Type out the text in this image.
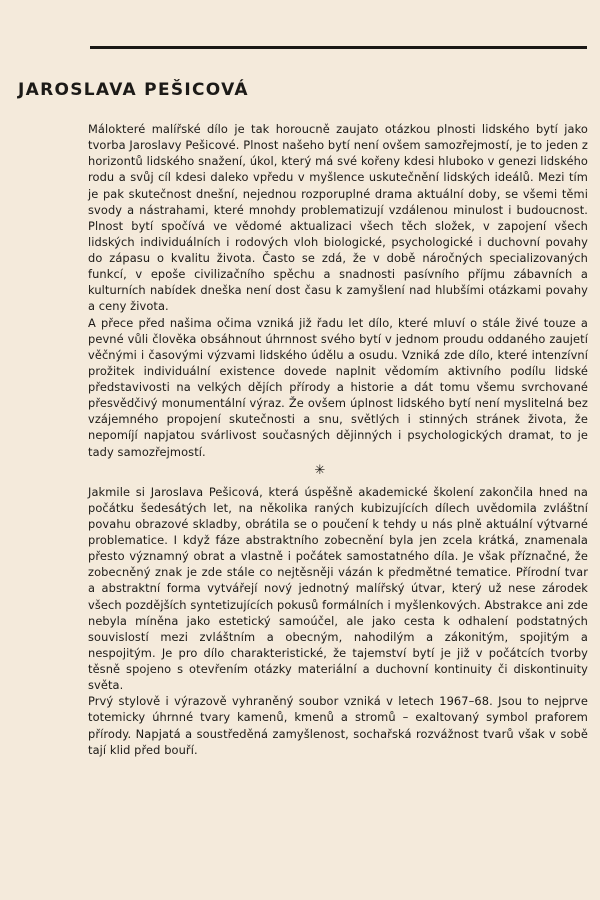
JAROSLAVA PEŠICOVÁ

Málokteré malířské dílo je tak horoucně zaujato otázkou plnosti lidského bytí jako tvorba Jaroslavy Pešicové. Plnost našeho bytí není ovšem samozřejmostí, je to jeden z horizontů lidského snažení, úkol, který má své kořeny kdesi hluboko v genezi lidského rodu a svůj cíl kdesi daleko vpředu v myšlence uskutečnění lidských ideálů. Mezi tím je pak skutečnost dnešní, nejednou rozporuplné drama aktuální doby, se všemi těmi svody a nástrahami, které mnohdy problematizují vzdálenou minulost i budoucnost. Plnost bytí spočívá ve vědomé aktualizaci všech těch složek, v zapojení všech lidských individuálních i rodových vloh biologické, psychologické i duchovní povahy do zápasu o kvalitu života. Často se zdá, že v době náročných specializovaných funkcí, v epoše civilizačního spěchu a snadnosti pasívního příjmu zábavních a kulturních nabídek dneška není dost času k zamyšlení nad hlubšími otázkami povahy a ceny života.

A přece před našima očima vzniká již řadu let dílo, které mluví o stále živé touze a pevné vůli člověka obsáhnout úhrnnost svého bytí v jednom proudu oddaného zaujetí věčnými i časovými výzvami lidského údělu a osudu. Vzniká zde dílo, které intenzívní prožitek individuální existence dovede naplnit vědomím aktivního podílu lidské představivosti na velkých dějích přírody a historie a dát tomu všemu svrchované přesvědčivý monumentální výraz. Že ovšem úplnost lidského bytí není myslitelná bez vzájemného propojení skutečnosti a snu, světlých i stinných stránek života, že nepomíjí napjatou svárlivost současných dějinných i psychologických dramat, to je tady samozřejmostí.

✳

Jakmile si Jaroslava Pešicová, která úspěšně akademické školení zakončila hned na počátku šedesátých let, na několika raných kubizujících dílech uvědomila zvláštní povahu obrazové skladby, obrátila se o poučení k tehdy u nás plně aktuální výtvarné problematice. I když fáze abstraktního zobecnění byla jen zcela krátká, znamenala přesto významný obrat a vlastně i počátek samostatného díla. Je však příznačné, že zobecněný znak je zde stále co nejtěsněji vázán k předmětné tematice. Přírodní tvar a abstraktní forma vytvářejí nový jednotný malířský útvar, který už nese zárodek všech pozdějších syntetizujících pokusů formálních i myšlenkových. Abstrakce ani zde nebyla míněna jako estetický samoúčel, ale jako cesta k odhalení podstatných souvislostí mezi zvláštním a obecným, nahodilým a zákonitým, spojitým a nespojitým. Je pro dílo charakteristické, že tajemství bytí je již v počátcích tvorby těsně spojeno s otevřením otázky materiální a duchovní kontinuity či diskontinuity světa.

Prvý stylově i výrazově vyhraněný soubor vzniká v letech 1967–68. Jsou to nejprve totemicky úhrnné tvary kamenů, kmenů a stromů – exaltovaný symbol praforem přírody. Napjatá a soustředěná zamyšlenost, sochařská rozvážnost tvarů však v sobě tají klid před bouří.
